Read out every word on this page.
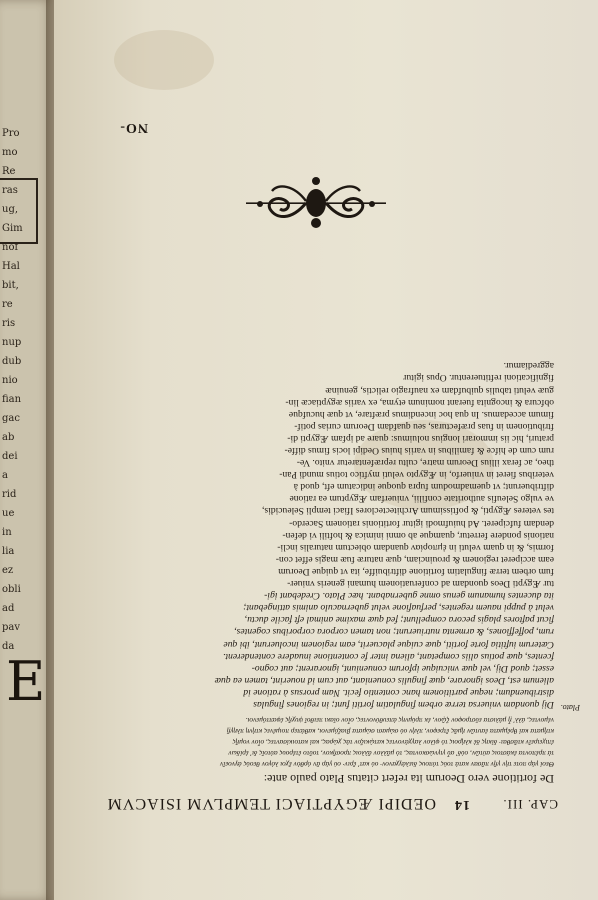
Pro
mo
Re
ras
ug,
Gim
nof
Hal
bit,
re
ris
nup
dub
nio
fian
gac
ab
dei
a
rid
ue
in
lia
ez
obli
ad
pav
da
E
CAP. III.
14
OEDIPI ÆGYPTIACI TEMPLVM ISIACVM
De fortitione vero Deorum ita refert citatus Plato paulo ante:
Θεοὶ γάρ ποτε τὴν γῆν πᾶσαν κατὰ τοὺς τόπους διελάγχανον· οὐ κατ' ἔριν· οὐ γὰρ ἂν ὀρθὸν ἔχοι λόγον θεοὺς ἀγνοεῖν
τὰ πρέποντα ἑκάστοις αὐτῶν, οὐδ' αὖ γιγνώσκοντας, τὸ μᾶλλον ἄλλοις προσῆκον, τοῦτο ἑτέρους αὐτοῖς δι' ἐρίδων
ἐπιχειρεῖν κτᾶσθαι· δίκης δὲ κλήροις τὸ φίλον λαγχάνοντες κατῴκιζον τὰς χώρας, καὶ κατοικίσαντες, οἷον νομῆς
κτήματα καὶ θρέμματα ἑαυτῶν ἡμᾶς ἔτρεφον, πλὴν οὐ σώμασι σώματα βιαζόμενοι, καθάπερ ποιμένες κτήνη πληγῇ
νέμοντες, ἀλλ' ᾗ μάλιστα εὔστροφον ζῷον, ἐκ πρύμνης ἀπευθύνοντες, οἷον οἴακι πειθοῖ ψυχῆς ἐφαπτόμενοι.
Plato.
Dij quondam vniuersa terræ orbem fingulatim fortiti funt; in regiones fingulas
distribuendum; neque partitionem hanc contentio fecit. Nam prorsus à ratione id
alienum est, Deos ignorare, quæ fingulis conueniant, aut cum id nouerint, tamen ea quæ
esset; quod Dij, vel quæ vnicuique ipforum conueniunt, ignorarent; aut cogno-
fcentes, quæ potius aliis competant, aliena inter fe contentione inuadere contenderent.
Cæterum iuftitia forte fortiti, quæ cuique placuerit, eam regionem incoluerunt, ibi que
rum, poffeffiones, & armenta nutriuerunt; non tamen corpora corporibus cogentes,
ficut paftores plagis pecora compellunt; fed quæ maxime animal eft facile ductu,
velut à puppi nauem regentes, perfuafione velut gubernaculo animis attingebant;
ita ducentes humanum genus omne gubernabant. hæc Plato. Credebant igi-
tur Ægypti Deos quondam ad conferuationem humani generis vniuer-
fum orbem terræ fingulatim fortitione diftribuiffe, ita vt quique Deorum
eam acciperet regionem & prouinciam, quæ naturæ fuæ magis effet con-
formis, & in quam veluti in ἐμπορίαν quandam obiectum naturalis incli-
nationis pondere ferretur, quamque ab omni inimica & hoftili vi defen-
dendam fufciperet. Ad huiufmodi igitur fortitionis rationem Sacerdo-
tes veteres Ægypti, & poftissimum Architecteclores Ifiaci templi Seleucidis,
ve vulgo Seleufis authoritate confilii, vniuerfam Ægyptum ea ratione
diftribuerunt; vt quemadmodum fupra quoque indicatum eft, quod à
veteribus fieret in vniuerfo, in Ægypto veluti myftico totius mundi Pan-
theo, ac ferax illius Deorum matre, cultu repræfentaretur vnito. Ve-
rum cum de hifce & familibus in variis huius Oedipi locis fimus diffe-
praturi, hic iis immorari longius noluimus: quare ad ipfam Ægypti di-
ftributionem in fuas præfecturas, seu quafdam Deorum curias potif-
fimum accedamus. In qua hoc incendimus præftare, vt quæ hucufque
obfcura & incognita fuerant nominum etyma, ex variis ægyptiacæ lin-
guæ veluti tabulis quibufdam ex naufragio relictis, genuinæ
fignificationi reftituerentur. Opus igitur
aggredíamur.
NO-
